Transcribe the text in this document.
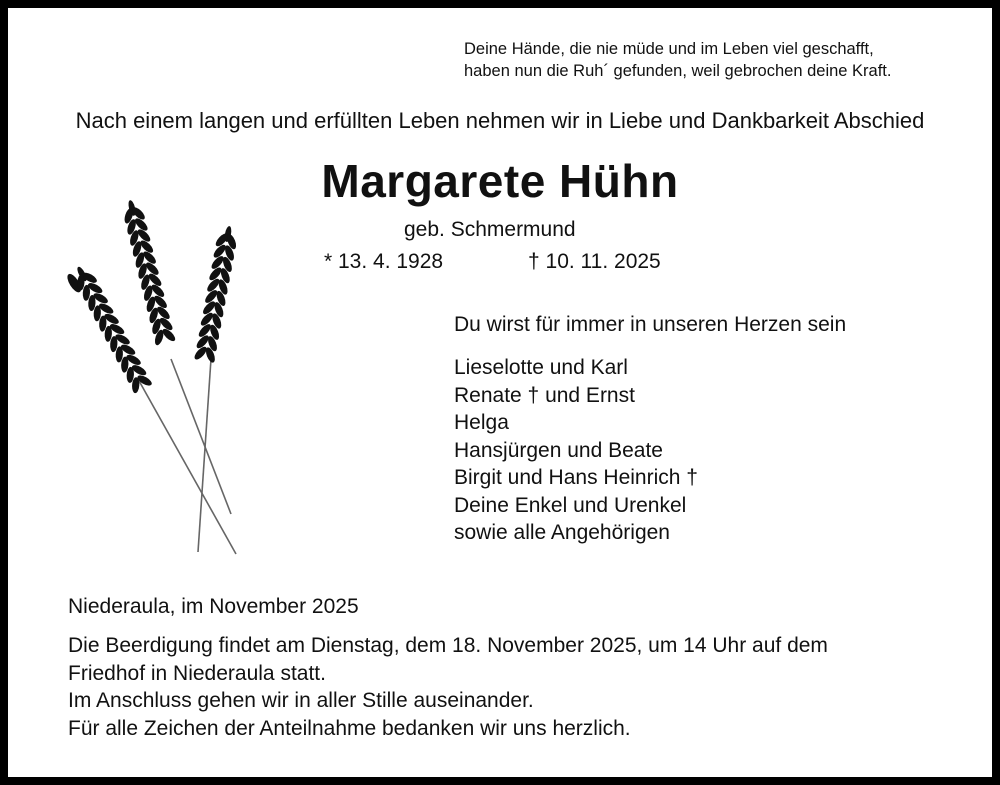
Deine Hände, die nie müde und im Leben viel geschafft,
haben nun die Ruh´ gefunden, weil gebrochen deine Kraft.
Nach einem langen und erfüllten Leben nehmen wir in Liebe und Dankbarkeit Abschied
Margarete Hühn
geb. Schmermund
* 13. 4. 1928	† 10. 11. 2025
Du wirst für immer in unseren Herzen sein
Lieselotte und Karl
Renate † und Ernst
Helga
Hansjürgen und Beate
Birgit und Hans Heinrich †
Deine Enkel und Urenkel
sowie alle Angehörigen
Niederaula, im November 2025
Die Beerdigung findet am Dienstag, dem 18. November 2025, um 14 Uhr auf dem
Friedhof in Niederaula statt.
Im Anschluss gehen wir in aller Stille auseinander.
Für alle Zeichen der Anteilnahme bedanken wir uns herzlich.
